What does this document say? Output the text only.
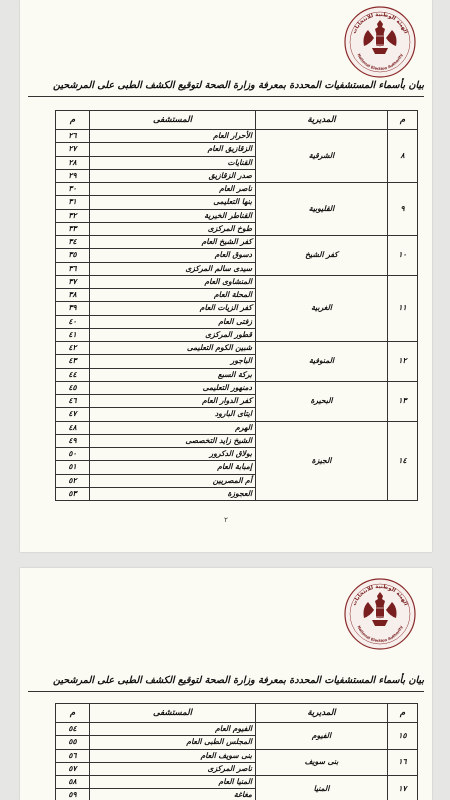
الهيئة الوطنية للانتخابات
National Election Authority
بيان بأسماء المستشفيات المحددة بمعرفة وزارة الصحة لتوقيع الكشف الطبى على المرشحين
م	المديرية	المستشفى	م
٨	الشرقية	الأحرار العام	٢٦
		الزقازيق العام	٢٧
		القنايات	٢٨
		صدر الزقازيق	٢٩
٩	القليوبية	ناصر العام	٣٠
		بنها التعليمى	٣١
		القناطر الخيرية	٣٢
		طوخ المركزى	٣٣
١٠	كفر الشيخ	كفر الشيخ العام	٣٤
		دسوق العام	٣٥
		سيدى سالم المركزى	٣٦
١١	الغربية	المنشاوى العام	٣٧
		المحلة العام	٣٨
		كفر الزيات العام	٣٩
		زفتى العام	٤٠
		قطور المركزى	٤١
١٢	المنوفية	شبين الكوم التعليمى	٤٢
		الباجور	٤٣
		بركة السبع	٤٤
١٣	البحيرة	دمنهور التعليمى	٤٥
		كفر الدوار العام	٤٦
		ايتاى البارود	٤٧
١٤	الجيزة	الهرم	٤٨
		الشيخ زايد التخصصى	٤٩
		بولاق الدكرور	٥٠
		إمبابة العام	٥١
		أم المصريين	٥٢
		العجوزة	٥٣
٢
الهيئة الوطنية للانتخابات
National Election Authority
بيان بأسماء المستشفيات المحددة بمعرفة وزارة الصحة لتوقيع الكشف الطبى على المرشحين
م	المديرية	المستشفى	م
١٥	الفيوم	الفيوم العام	٥٤
		المجلس الطبى العام	٥٥
١٦	بنى سويف	بنى سويف العام	٥٦
		ناصر المركزى	٥٧
١٧	المنيا	المنيا العام	٥٨
		مغاغة	٥٩
